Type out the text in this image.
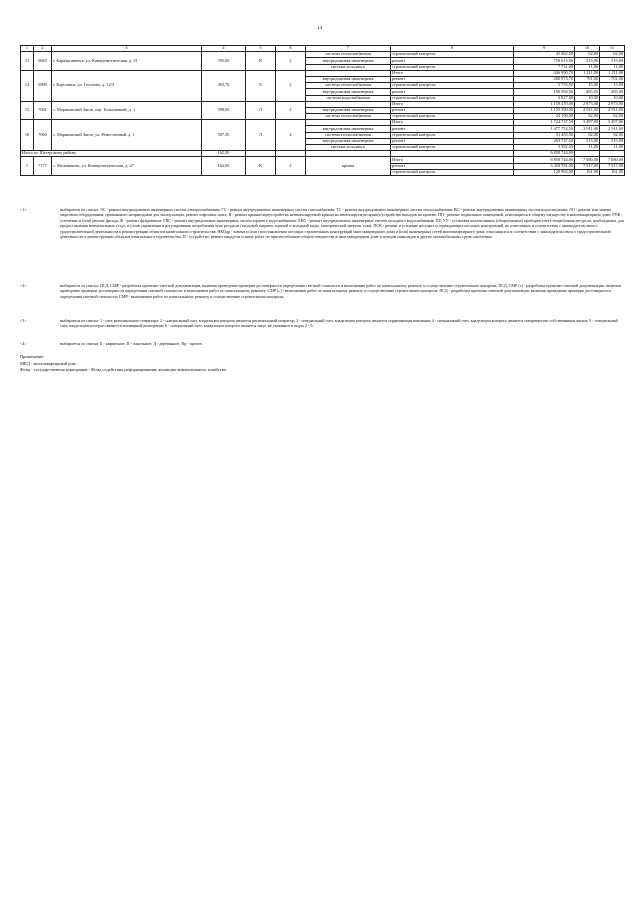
14
1	2	3	4	5	6	7	8	9	10	11
13	6663	г. Карачаганинск, ул. Коммунистическая, д. 51	705,00	К	2	система теплоснабжения	строительный контроль	45 462,00	62,00	62,00
						внутридомовая инженерная	ремонт	750 615,00	515,00	515,00
						система холодного	строительный контроль	7 751,00	11,00	11,00
14	6999	г. Королевск, ул. Гоголева, д. 12/3	363,70	Б	2		Итого	446 990,70	1 211,00	1 211,00
						внутридомовая инженерная	ремонт	260 973,70	701,00	701,00
						система теплоснабжения	строительный контроль	5 755,90	15,00	15,00
						внутридомовая инженерная	ремонт	180 094,50	485,00	485,00
						система водоснабжения	строительный контроль	3 827,00	10,00	10,00
15	7061	с. Моряковский Затон, пер. Больничный, д. 1	398,00	Л	2		Итого	1 159 470,00	2 973,00	2 973,00
						внутридомовая инженерная	ремонт	1 155 390,00	2 911,00	2 911,00
						система теплоснабжения	строительный контроль	24 100,00	62,00	62,00
16	7060	с. Моряковский Затон, ул. Ремесленный, д. 1	507,50	Л	2		Итого	1 724 737,50	3 497,00	3 497,00
						внутридомовая инженерная	ремонт	1 477 752,50	2 911,00	2 911,00
						система теплоснабжения	строительный контроль	31 465,00	62,00	62,00
						внутридомовая инженерная	ремонт	263 747,50	515,00	515,00
						система холодного	строительный контроль	5 582,50	11,00	11,00
Итого по Шегарскому району			162,00					6 858 744,00		
1	7177	с. Мельниково, ул. Коммунистическая, д. 27	162,00	К	2	крыша	Итого	6 858 744,00	7 680,00	7 680,00
							ремонт	6 458 781,00	7 517,00	7 517,00
							строительный контроль	128 963,00	161,00	161,00
<1>	выбирается из списка: ЭС - ремонт внутридомовых инженерных систем электроснабжения; ГС - ремонт внутридомовых инженерных систем газоснабжения; ТС - ремонт внутридомовых инженерных систем теплоснабжения; ВО - ремонт внутридомовых инженерных систем водоотведения; ЛО - ремонт или замена лифтового оборудования, признанного непригодным для эксплуатации, ремонт лифтовых шахт; К - ремонт крыши/переустройство невентилируемой крыши на вентилируемую крышу/устройство выходов на кровлю; ПП - ремонт подвальных помещений, относящихся к общему имуществу в многоквартирном доме; РУФ - утепление и (или) ремонт фасада; Ф - ремонт фундамента; ГВС - ремонт внутридомовых инженерных систем горячего водоснабжения; ХВС - ремонт внутридомовых инженерных систем холодного водоснабжения; ПУ, УУ - установка коллективных (общедомовых) приборов учета потребления ресурсов, необходимых для предоставления коммунальных услуг, и узлов управления и регулирования потребления этих ресурсов (тепловой энергии, горячей и холодной воды, электрической энергии, газа); ПСК - ремонт и усиление несущих и ограждающих несущих конструкций, не отнесенных в соответствии с законодательством о градостроительной деятельности к реконструкции объектов капитального строительства; НКОдр - замена и (или) восстановление несущих строительных конструкций многоквартирного дома и (или) инженерных сетей многоквартирного дома, относящихся в соответствии с законодательством о градостроительной деятельности к реконструкции объектов капитального строительства; П - устройство, ремонт пандусов и иных работ по приспособлению общего имущества в многоквартирном доме к нуждам инвалидов и других маломобильных групп населения;
<2>	выбирается из списка: ПСД, СМР - разработка проектно-сметной документации, включая проведение проверки достоверности определения сметной стоимости и выполнение работ по капитальному ремонту и осуществление строительного контроля; ПСД, СМР (с) - разработка проектно-сметной документации, включая проведение проверки достоверности определения сметной стоимости, и выполнение работ по капитальному ремонту; СМР (с) - выполнение работ по капитальному ремонту и осуществление строительного контроля; ПСД - разработка проектно-сметной документации, включая проведение проверки достоверности определения сметной стоимости; СМР - выполнение работ по капитальному ремонту и осуществление строительного контроля;
<3>	выбирается из списка: 1 - счет регионального оператора; 2 - специальный счет, владельцем которого является региональный оператор; 3 - специальный счет, владельцем которого является управляющая компания; 4 - специальный счет, владельцем которого является товарищество собственников жилья; 5 - специальный счет, владельцем которого является жилищный кооператив; 6 - специальный счет, владельцем которого является лицо, не указанное в кодах 2 - 5;
<4>	выбирается из списка: Б - кирпичное; П - панельное; Д - деревянное; Пр - прочее.
Примечание:
МКД - многоквартирный дом;
Фонд - государственная корпорация - Фонд содействия реформированию жилищно-коммунального хозяйства.
